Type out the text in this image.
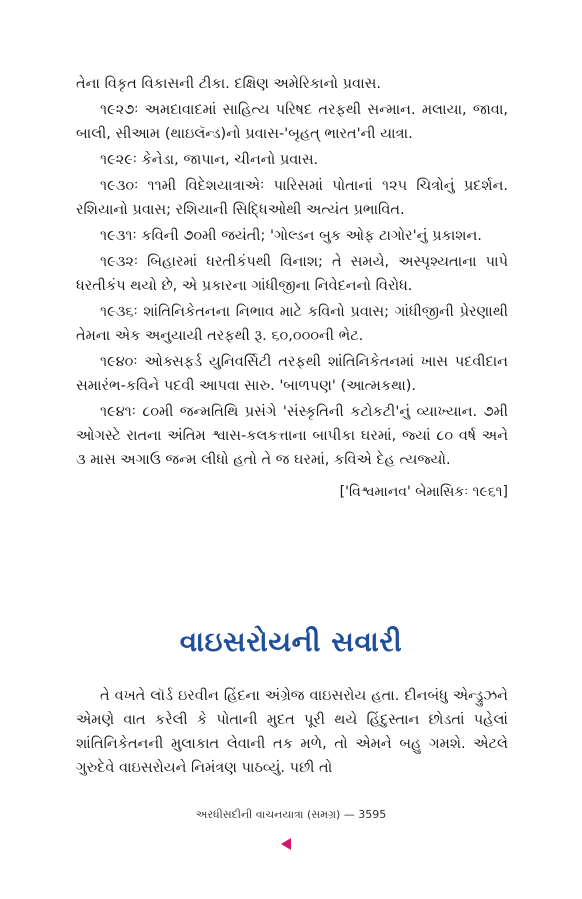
તેના વિકૃત વિકાસની ટીકા. દક્ષિણ અમેરિકાનો પ્રવાસ.

૧૯૨૭ઃ અમદાવાદમાં સાહિત્ય પરિષદ તરફથી સન્માન. મલાયા, જાવા, બાલી, સીઆમ (થાઇલૅન્ડ)નો પ્રવાસ-'બૃહત્ ભારત'ની યાત્રા.

૧૯૨૯ઃ કેનેડા, જાપાન, ચીનનો પ્રવાસ.

૧૯૩૦ઃ ૧૧મી વિદેશયાત્રાએઃ પારિસમાં પોતાનાં ૧૨૫ ચિત્રોનું પ્રદર્શન. રશિયાનો પ્રવાસ; રશિયાની સિદ્ધિઓથી અત્યંત પ્રભાવિત.

૧૯૩૧ઃ કવિની ૭૦મી જયંતી; 'ગોલ્ડન બુક ઓફ ટાગોર'નું પ્રકાશન.

૧૯૩૨ઃ બિહારમાં ધરતીકંપથી વિનાશ; તે સમયે, અસ્પૃશ્યતાના પાપે ધરતીકંપ થયો છે, એ પ્રકારના ગાંધીજીના નિવેદનનો વિરોધ.

૧૯૩૬ઃ શાંતિનિકેતનના નિભાવ માટે કવિનો પ્રવાસ; ગાંધીજીની પ્રેરણાથી તેમના એક અનુયાયી તરફથી રૂ. ૬૦,૦૦૦ની ભેટ.

૧૯૪૦ઃ ઓક્સફર્ડ યુનિવર્સિટી તરફથી શાંતિનિકેતનમાં ખાસ પદવીદાન સમારંભ-કવિને પદવી આપવા સારુ. 'બાળપણ' (આત્મકથા).

૧૯૪૧ઃ ૮૦મી જન્મતિથિ પ્રસંગે 'સંસ્કૃતિની કટોકટી'નું વ્યાખ્યાન. ૭મી ઓગસ્ટે રાતના અંતિમ શ્વાસ-કલકત્તાના બાપીકા ઘરમાં, જ્યાં ૮૦ વર્ષ અને ૩ માસ અગાઉ જન્મ લીધો હતો તે જ ઘરમાં, કવિએ દેહ ત્યજ્યો.

['વિશ્વમાનવ' બેમાસિકઃ ૧૯૬૧]
વાઇસરોયની સવારી

તે વખતે લૉર્ડ ઇરવીન હિંદના અંગ્રેજ વાઇસરોય હતા. દીનબંધુ એન્ડ્રુઝને એમણે વાત કરેલી કે પોતાની મુદત પૂરી થયે હિંદુસ્તાન છોડતાં પહેલાં શાંતિનિકેતનની મુલાકાત લેવાની તક મળે, તો એમને બહુ ગમશે. એટલે ગુરુદેવે વાઇસરોયને નિમંત્રણ પાઠવ્યું. પછી તો

અરધીસદીની વાચનયાત્રા (સમગ્ર) — 3595
